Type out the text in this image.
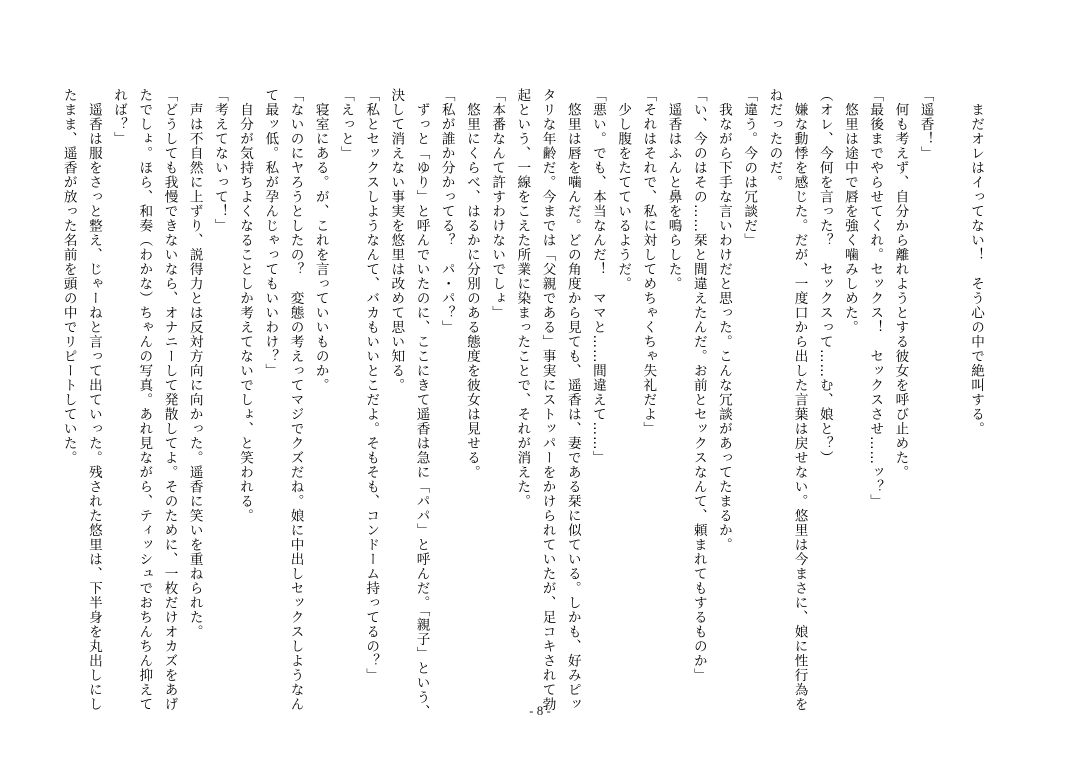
　まだオレはイってない！　そう心の中で絶叫する。

「遥香！」
　何も考えず、自分から離れようとする彼女を呼び止めた。
「最後までやらせてくれ。セックス！　セックスさせ……ッ？」
　悠里は途中で唇を強く噛みしめた。
（オレ、今何を言った？　セックスって……む、娘と？）
　嫌な動悸を感じた。だが、一度口から出した言葉は戻せない。悠里は今まさに、娘に性行為を
ねだったのだ。
「違う。今のは冗談だ」
　我ながら下手な言いわけだと思った。こんな冗談があってたまるか。
「い、今のはその……栞と間違えたんだ。お前とセックスなんて、頼まれてもするものか」
　遥香はふんと鼻を鳴らした。
「それはそれで、私に対してめちゃくちゃ失礼だよ」
　少し腹をたてているようだ。
「悪い。でも、本当なんだ！　ママと……間違えて……」
　悠里は唇を噛んだ。どの角度から見ても、遥香は、妻である栞に似ている。しかも、好みピッ
タリな年齢だ。今までは「父親である」事実にストッパーをかけられていたが、足コキされて勃
起という、一線をこえた所業に染まったことで、それが消えた。
「本番なんて許すわけないでしょ」
　悠里にくらべ、はるかに分別のある態度を彼女は見せる。
「私が誰か分かってる？　パ・パ？」
　ずっと「ゆり」と呼んでいたのに、ここにきて遥香は急に「パパ」と呼んだ。「親子」という、
決して消えない事実を悠里は改めて思い知る。
「私とセックスしようなんて、バカもいいとこだよ。そもそも、コンドーム持ってるの？」
「えっと」
　寝室にある。が、これを言っていいものか。
「ないのにヤろうとしたの？　変態の考えってマジでクズだね。娘に中出しセックスしようなん
て最ッ低。私が孕んじゃってもいいわけ？」
　自分が気持ちよくなることしか考えてないでしょ、と笑われる。
「考えてないって！」
　声は不自然に上ずり、説得力とは反対方向に向かった。遥香に笑いを重ねられた。
「どうしても我慢できないなら、オナニーして発散してよ。そのために、一枚だけオカズをあげ
たでしょ。ほら、和奏（わかな）ちゃんの写真。あれ見ながら、ティッシュでおちんちん抑えて
れば？」
　遥香は服をさっと整え、じゃーねと言って出ていった。残された悠里は、下半身を丸出しにし
たまま、遥香が放った名前を頭の中でリピートしていた。
- 8 -
